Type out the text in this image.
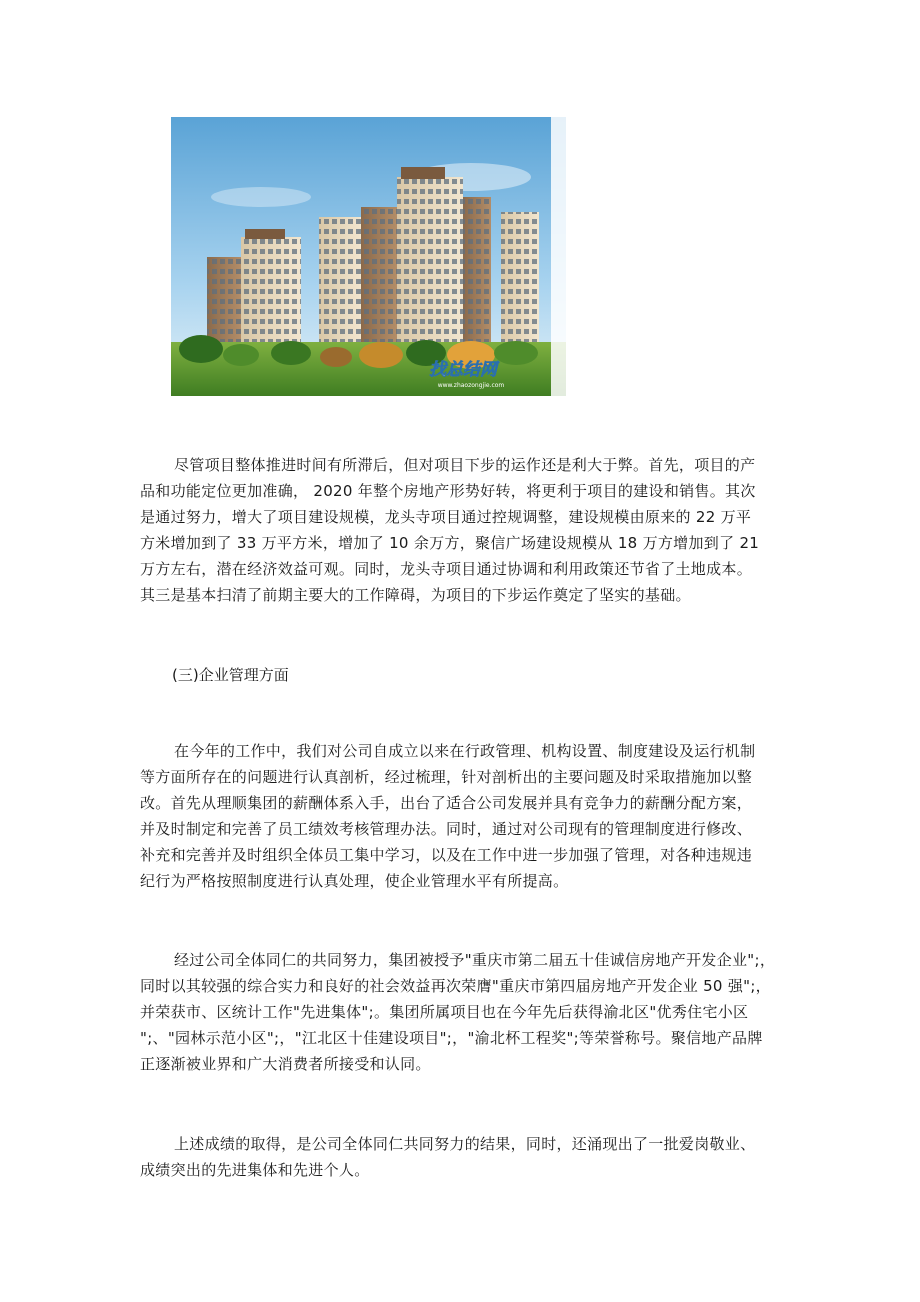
找总结网
www.zhaozongjie.com
尽管项目整体推进时间有所滞后，但对项目下步的运作还是利大于弊。首先，项目的产
品和功能定位更加准确， 2020 年整个房地产形势好转，将更利于项目的建设和销售。其次
是通过努力，增大了项目建设规模，龙头寺项目通过控规调整，建设规模由原来的 22 万平
方米增加到了 33 万平方米，增加了 10 余万方，聚信广场建设规模从 18 万方增加到了 21
万方左右，潜在经济效益可观。同时，龙头寺项目通过协调和利用政策还节省了土地成本。
其三是基本扫清了前期主要大的工作障碍，为项目的下步运作奠定了坚实的基础。

(三)企业管理方面

在今年的工作中，我们对公司自成立以来在行政管理、机构设置、制度建设及运行机制
等方面所存在的问题进行认真剖析，经过梳理，针对剖析出的主要问题及时采取措施加以整
改。首先从理顺集团的薪酬体系入手，出台了适合公司发展并具有竞争力的薪酬分配方案，
并及时制定和完善了员工绩效考核管理办法。同时，通过对公司现有的管理制度进行修改、
补充和完善并及时组织全体员工集中学习，以及在工作中进一步加强了管理，对各种违规违
纪行为严格按照制度进行认真处理，使企业管理水平有所提高。
经过公司全体同仁的共同努力，集团被授予"重庆市第二届五十佳诚信房地产开发企业";，
同时以其较强的综合实力和良好的社会效益再次荣膺"重庆市第四届房地产开发企业 50 强";，
并荣获市、区统计工作"先进集体";。集团所属项目也在今年先后获得渝北区"优秀住宅小区
";、"园林示范小区";，"江北区十佳建设项目";，"渝北杯工程奖";等荣誉称号。聚信地产品牌
正逐渐被业界和广大消费者所接受和认同。
上述成绩的取得，是公司全体同仁共同努力的结果，同时，还涌现出了一批爱岗敬业、
成绩突出的先进集体和先进个人。
